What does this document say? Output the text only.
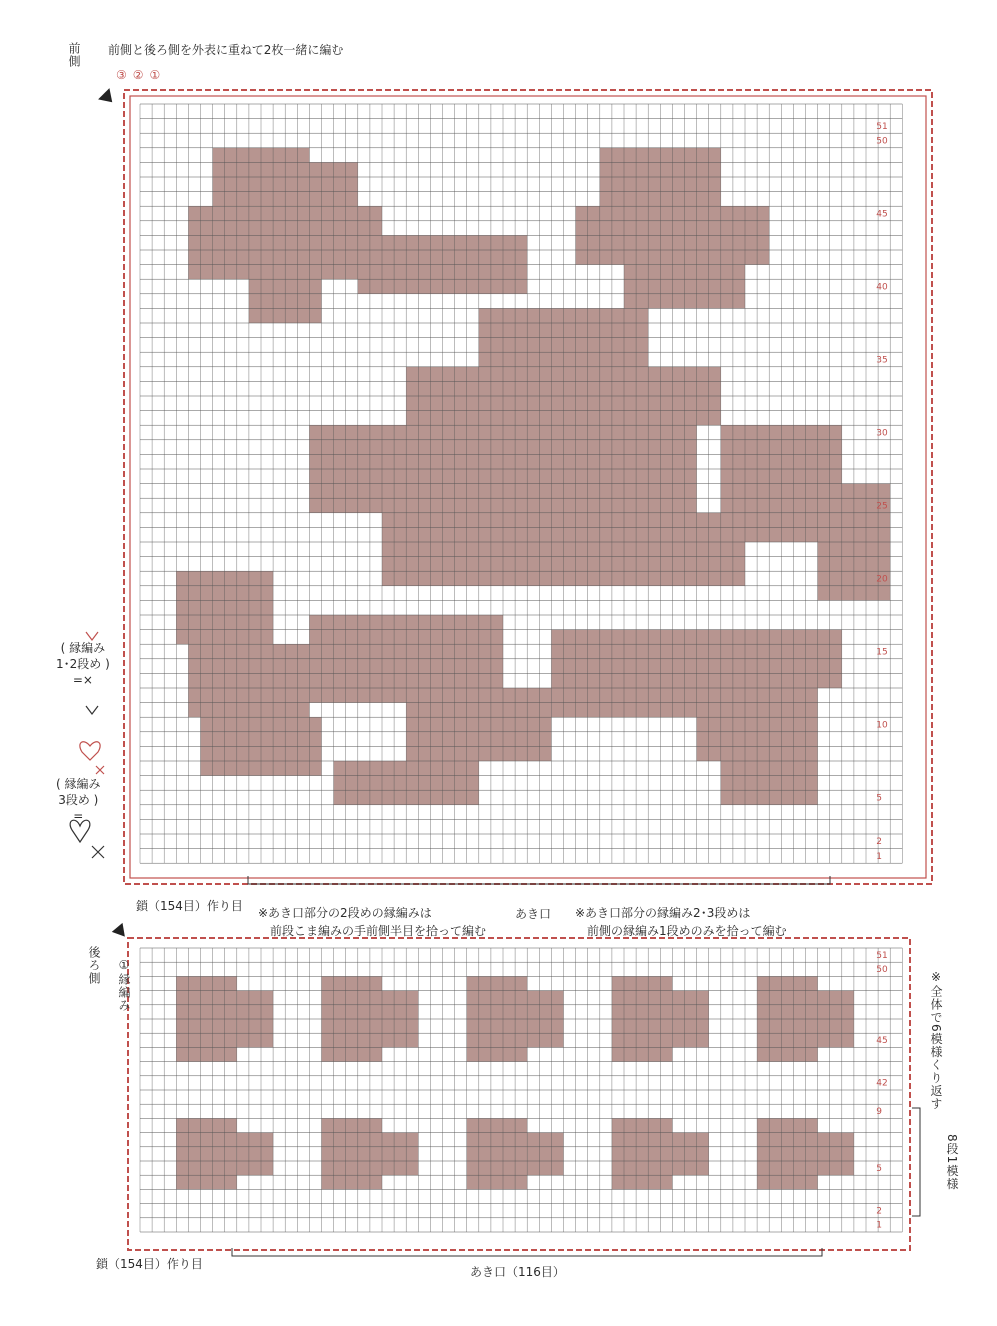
前側 前側と後ろ側を外表に重ねて2枚一緒に編む
③②①
51
50
45
40
35
30
25
20
15
10
5
2
1
51
50
45
42
9
5
2
1
( 縁編み
1･2段め )
=×
( 縁編み
3段め )
=
鎖（154目）作り目 ※あき口部分の2段めの縁編みは
前段こま編みの手前側半目を拾って編む
あき口 ※あき口部分の縁編み2･3段めは
前側の縁編み1段めのみを拾って編む
後ろ側 ①縁編み
鎖（154目）作り目
あき口（116目）
※全体で6模様くり返す
8段1模様
